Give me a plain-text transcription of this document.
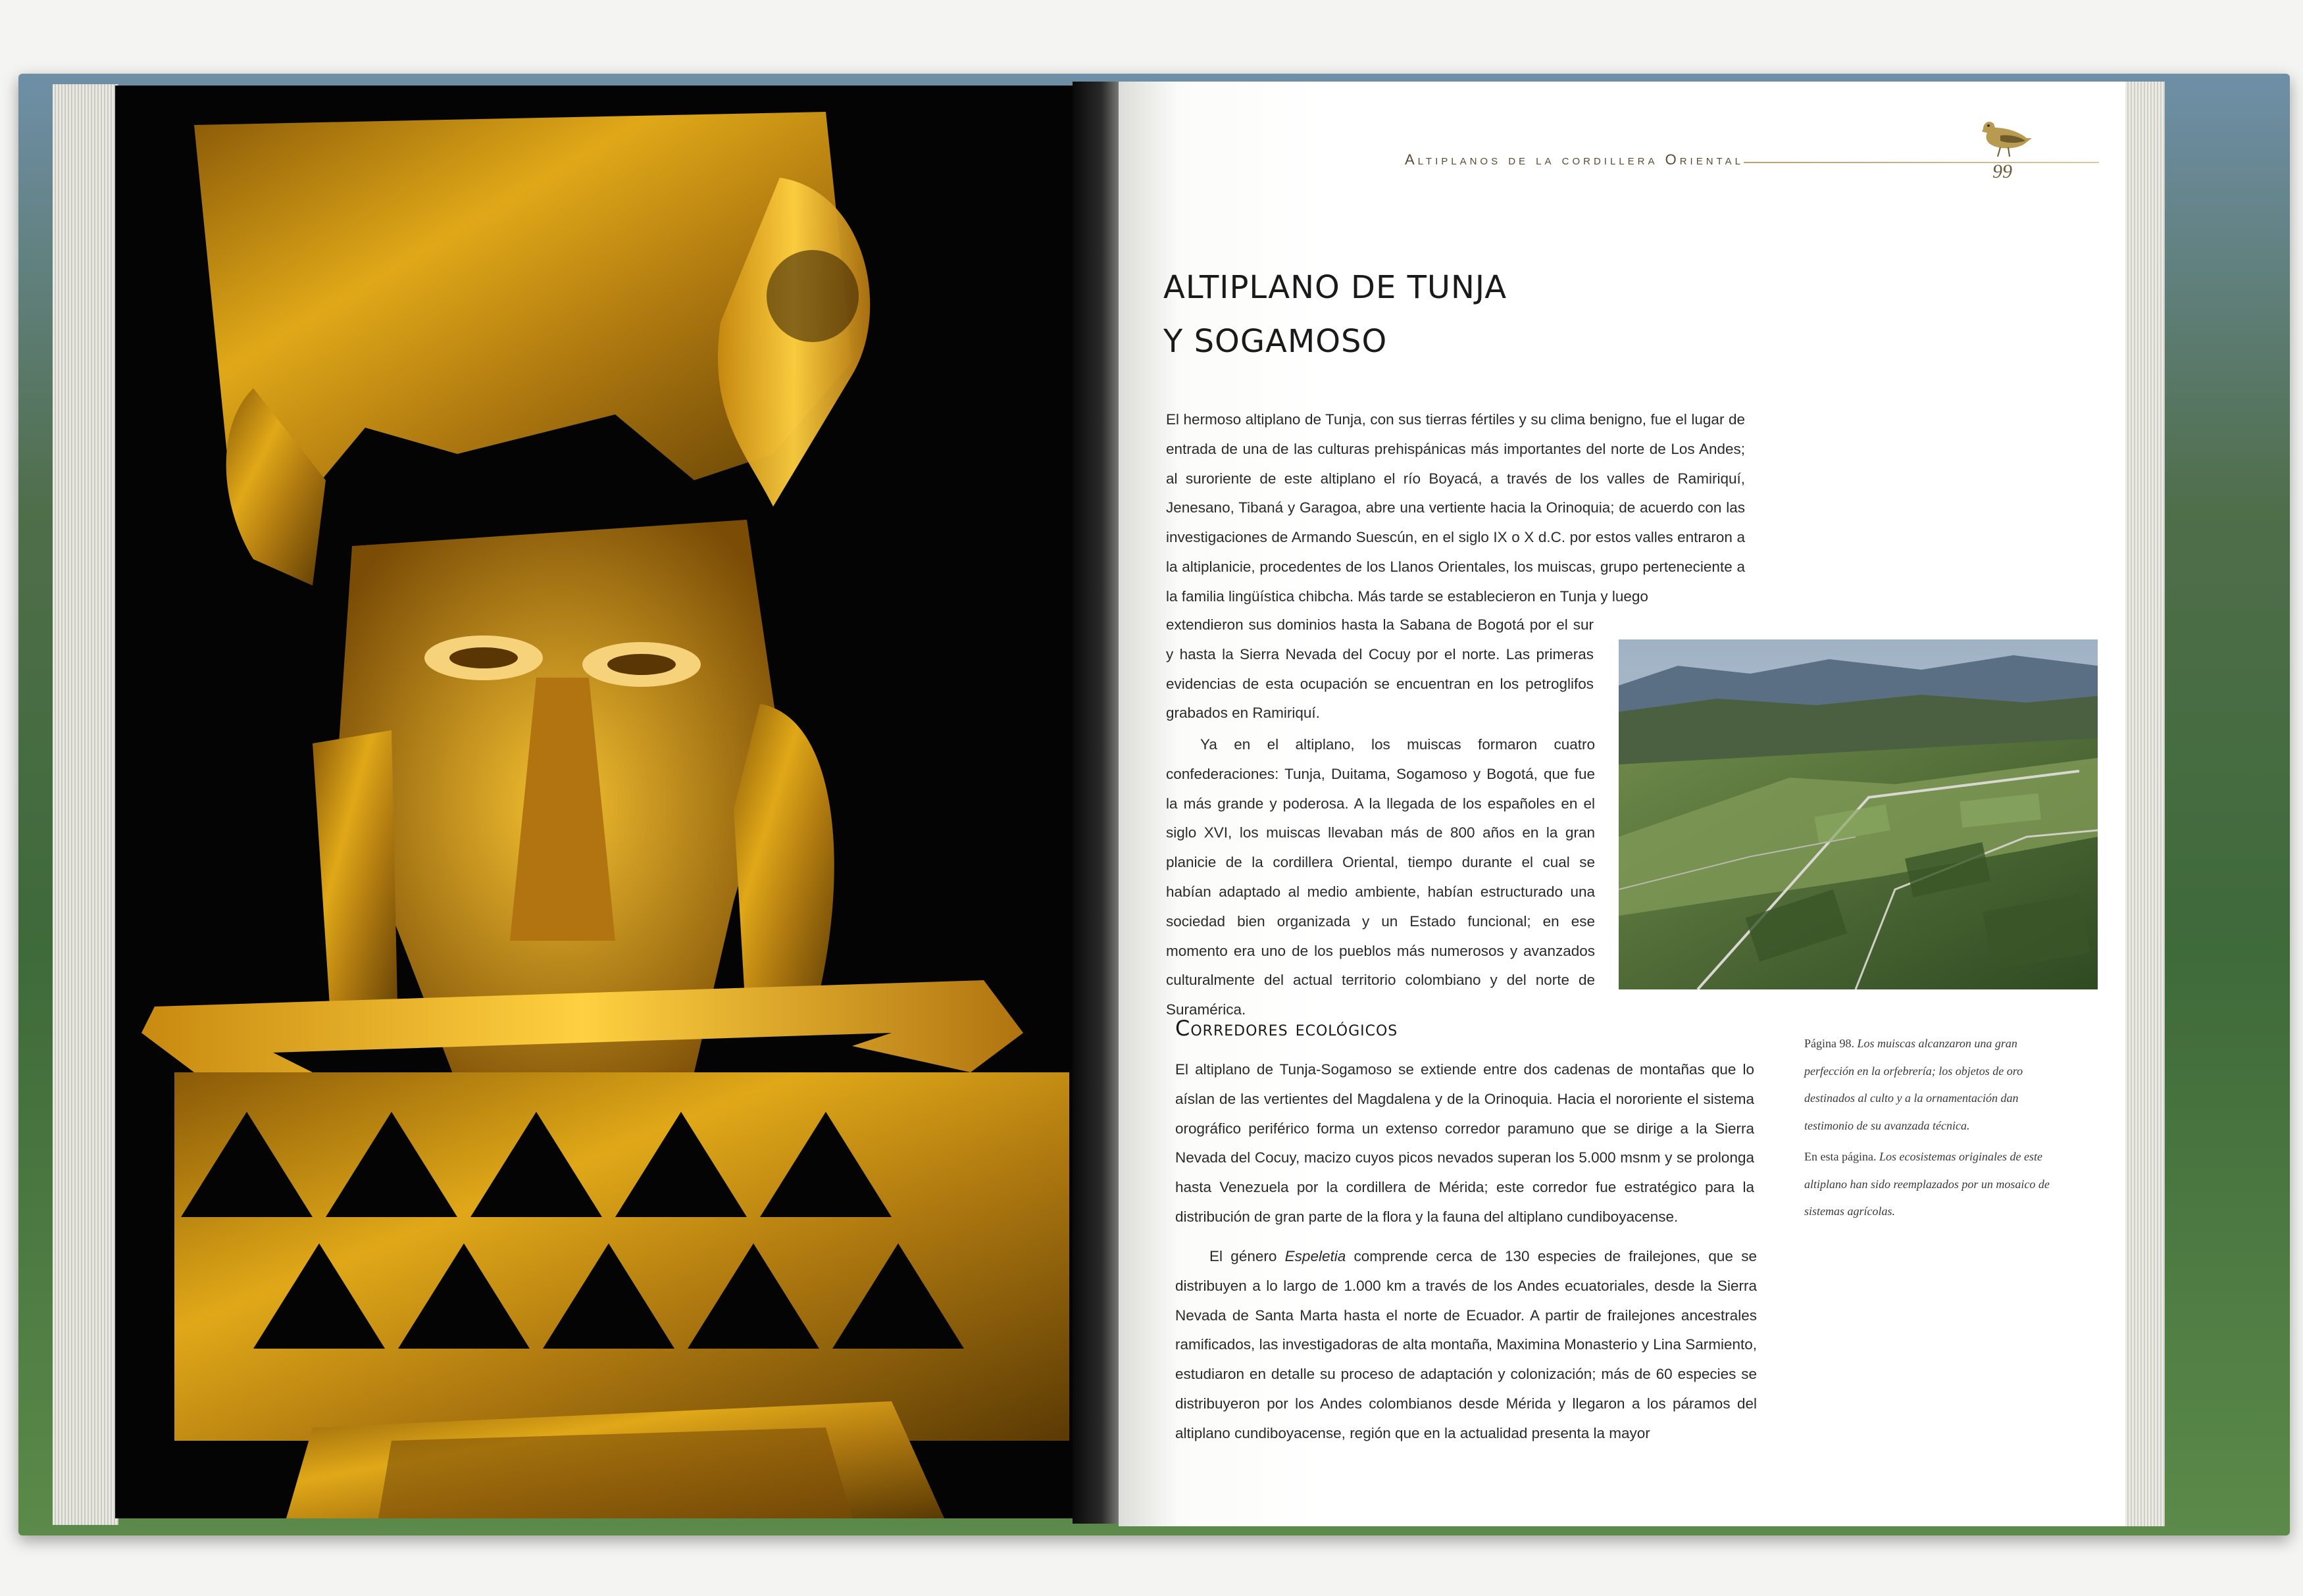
Altiplanos de la cordillera Oriental
99
ALTIPLANO DE TUNJA
Y SOGAMOSO

El hermoso altiplano de Tunja, con sus tierras fértiles y su clima benigno, fue el lugar de entrada de una de las culturas prehispánicas más importantes del norte de Los Andes; al suroriente de este altiplano el río Boyacá, a través de los valles de Ramiriquí, Jenesano, Tibaná y Garagoa, abre una vertiente hacia la Orinoquia; de acuerdo con las investigaciones de Armando Suescún, en el siglo IX o X d.C. por estos valles entraron a la altiplanicie, procedentes de los Llanos Orientales, los muiscas, grupo perteneciente a la familia lingüística chibcha. Más tarde se establecieron en Tunja y luego

extendieron sus dominios hasta la Sabana de Bogotá por el sur y hasta la Sierra Nevada del Cocuy por el norte. Las primeras evidencias de esta ocupación se encuentran en los petroglifos grabados en Ramiriquí.

Ya en el altiplano, los muiscas formaron cuatro confederaciones: Tunja, Duitama, Sogamoso y Bogotá, que fue la más grande y poderosa. A la llegada de los españoles en el siglo XVI, los muiscas llevaban más de 800 años en la gran planicie de la cordillera Oriental, tiempo durante el cual se habían adaptado al medio ambiente, habían estructurado una sociedad bien organizada y un Estado funcional; en ese momento era uno de los pueblos más numerosos y avanzados culturalmente del actual territorio colombiano y del norte de Suramérica.

Corredores ecológicos

El altiplano de Tunja-Sogamoso se extiende entre dos cadenas de montañas que lo aíslan de las vertientes del Magdalena y de la Orinoquia. Hacia el nororiente el sistema orográfico periférico forma un extenso corredor paramuno que se dirige a la Sierra Nevada del Cocuy, macizo cuyos picos nevados superan los 5.000 msnm y se prolonga hasta Venezuela por la cordillera de Mérida; este corredor fue estratégico para la distribución de gran parte de la flora y la fauna del altiplano cundiboyacense.

El género Espeletia comprende cerca de 130 especies de frailejones, que se distribuyen a lo largo de 1.000 km a través de los Andes ecuatoriales, desde la Sierra Nevada de Santa Marta hasta el norte de Ecuador. A partir de frailejones ancestrales ramificados, las investigadoras de alta montaña, Maximina Monasterio y Lina Sarmiento, estudiaron en detalle su proceso de adaptación y colonización; más de 60 especies se distribuyeron por los Andes colombianos desde Mérida y llegaron a los páramos del altiplano cundiboyacense, región que en la actualidad presenta la mayor

Página 98. Los muiscas alcanzaron una gran perfección en la orfebrería; los objetos de oro destinados al culto y a la ornamentación dan testimonio de su avanzada técnica.

En esta página. Los ecosistemas originales de este altiplano han sido reemplazados por un mosaico de sistemas agrícolas.
